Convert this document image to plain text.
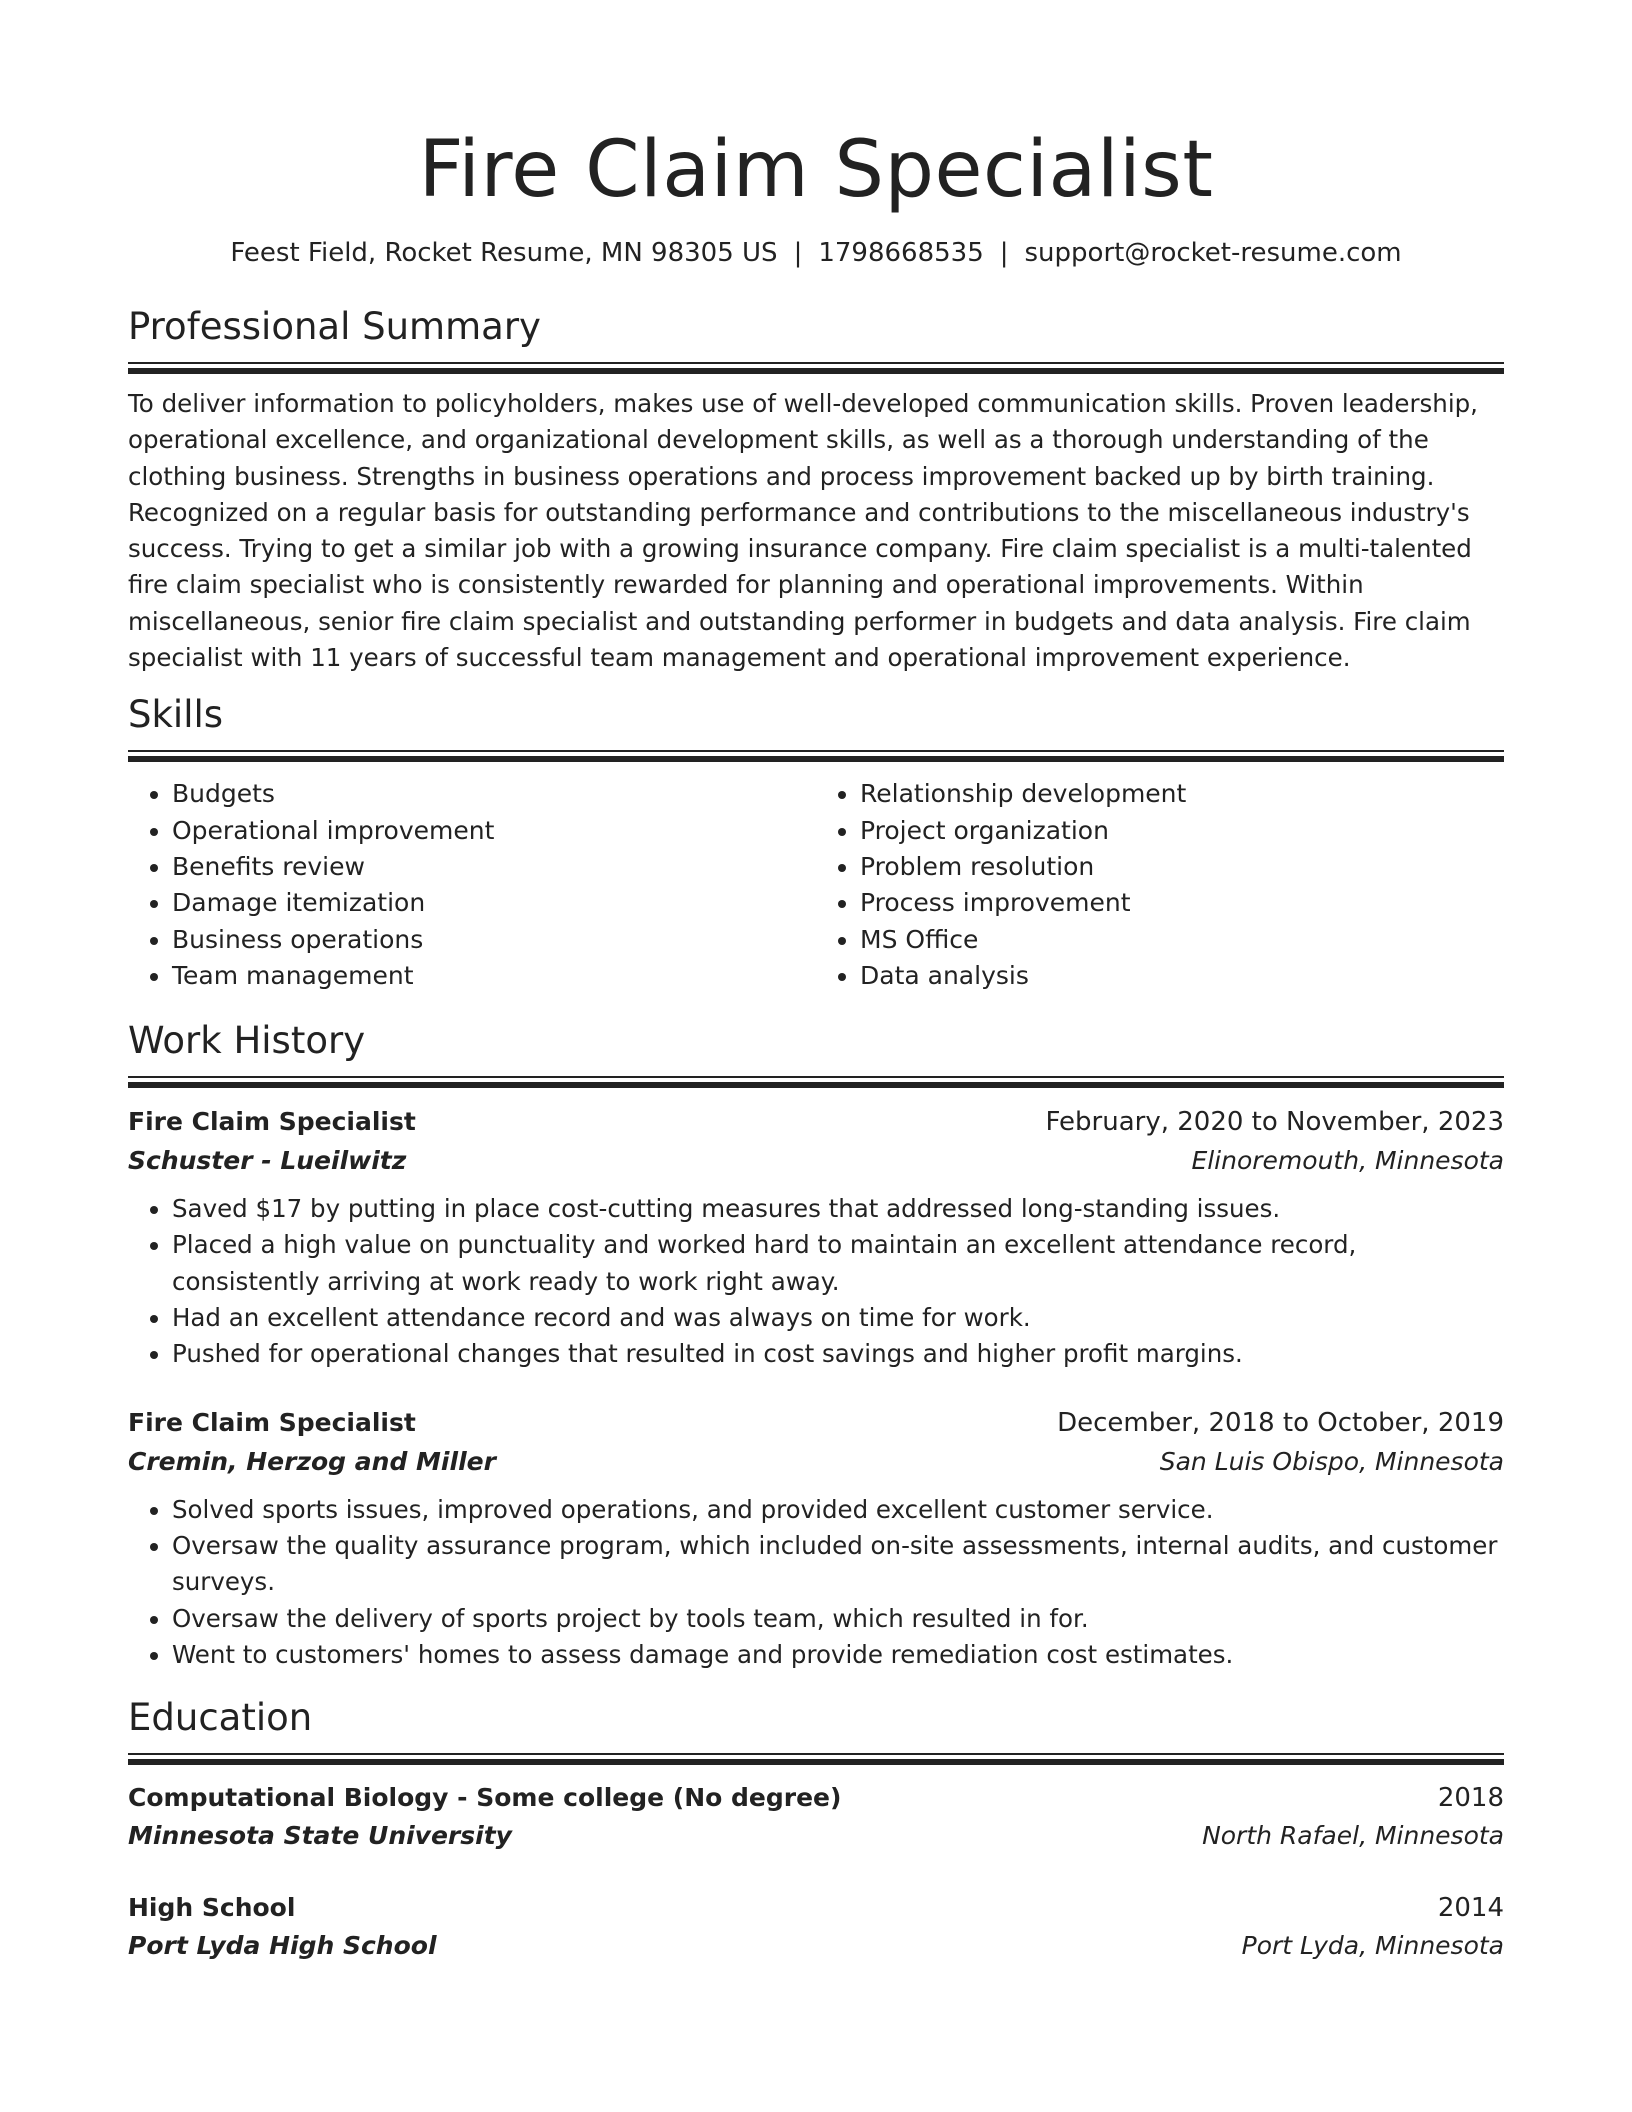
Fire Claim Specialist
Feest Field, Rocket Resume, MN 98305 US | 1798668535 | support@rocket-resume.com
Professional Summary

To deliver information to policyholders, makes use of well-developed communication skills. Proven leadership, operational excellence, and organizational development skills, as well as a thorough understanding of the clothing business. Strengths in business operations and process improvement backed up by birth training. Recognized on a regular basis for outstanding performance and contributions to the miscellaneous industry's success. Trying to get a similar job with a growing insurance company. Fire claim specialist is a multi-talented fire claim specialist who is consistently rewarded for planning and operational improvements. Within miscellaneous, senior fire claim specialist and outstanding performer in budgets and data analysis. Fire claim specialist with 11 years of successful team management and operational improvement experience.

Skills
• Budgets
• Operational improvement
• Benefits review
• Damage itemization
• Business operations
• Team management
• Relationship development
• Project organization
• Problem resolution
• Process improvement
• MS Office
• Data analysis
Work History
Fire Claim Specialist	February, 2020 to November, 2023
Schuster - Lueilwitz	Elinoremouth, Minnesota
• Saved $17 by putting in place cost-cutting measures that addressed long-standing issues.
• Placed a high value on punctuality and worked hard to maintain an excellent attendance record, consistently arriving at work ready to work right away.
• Had an excellent attendance record and was always on time for work.
• Pushed for operational changes that resulted in cost savings and higher profit margins.
Fire Claim Specialist	December, 2018 to October, 2019
Cremin, Herzog and Miller	San Luis Obispo, Minnesota
• Solved sports issues, improved operations, and provided excellent customer service.
• Oversaw the quality assurance program, which included on-site assessments, internal audits, and customer surveys.
• Oversaw the delivery of sports project by tools team, which resulted in for.
• Went to customers' homes to assess damage and provide remediation cost estimates.
Education
Computational Biology - Some college (No degree)	2018
Minnesota State University	North Rafael, Minnesota
High School	2014
Port Lyda High School	Port Lyda, Minnesota
